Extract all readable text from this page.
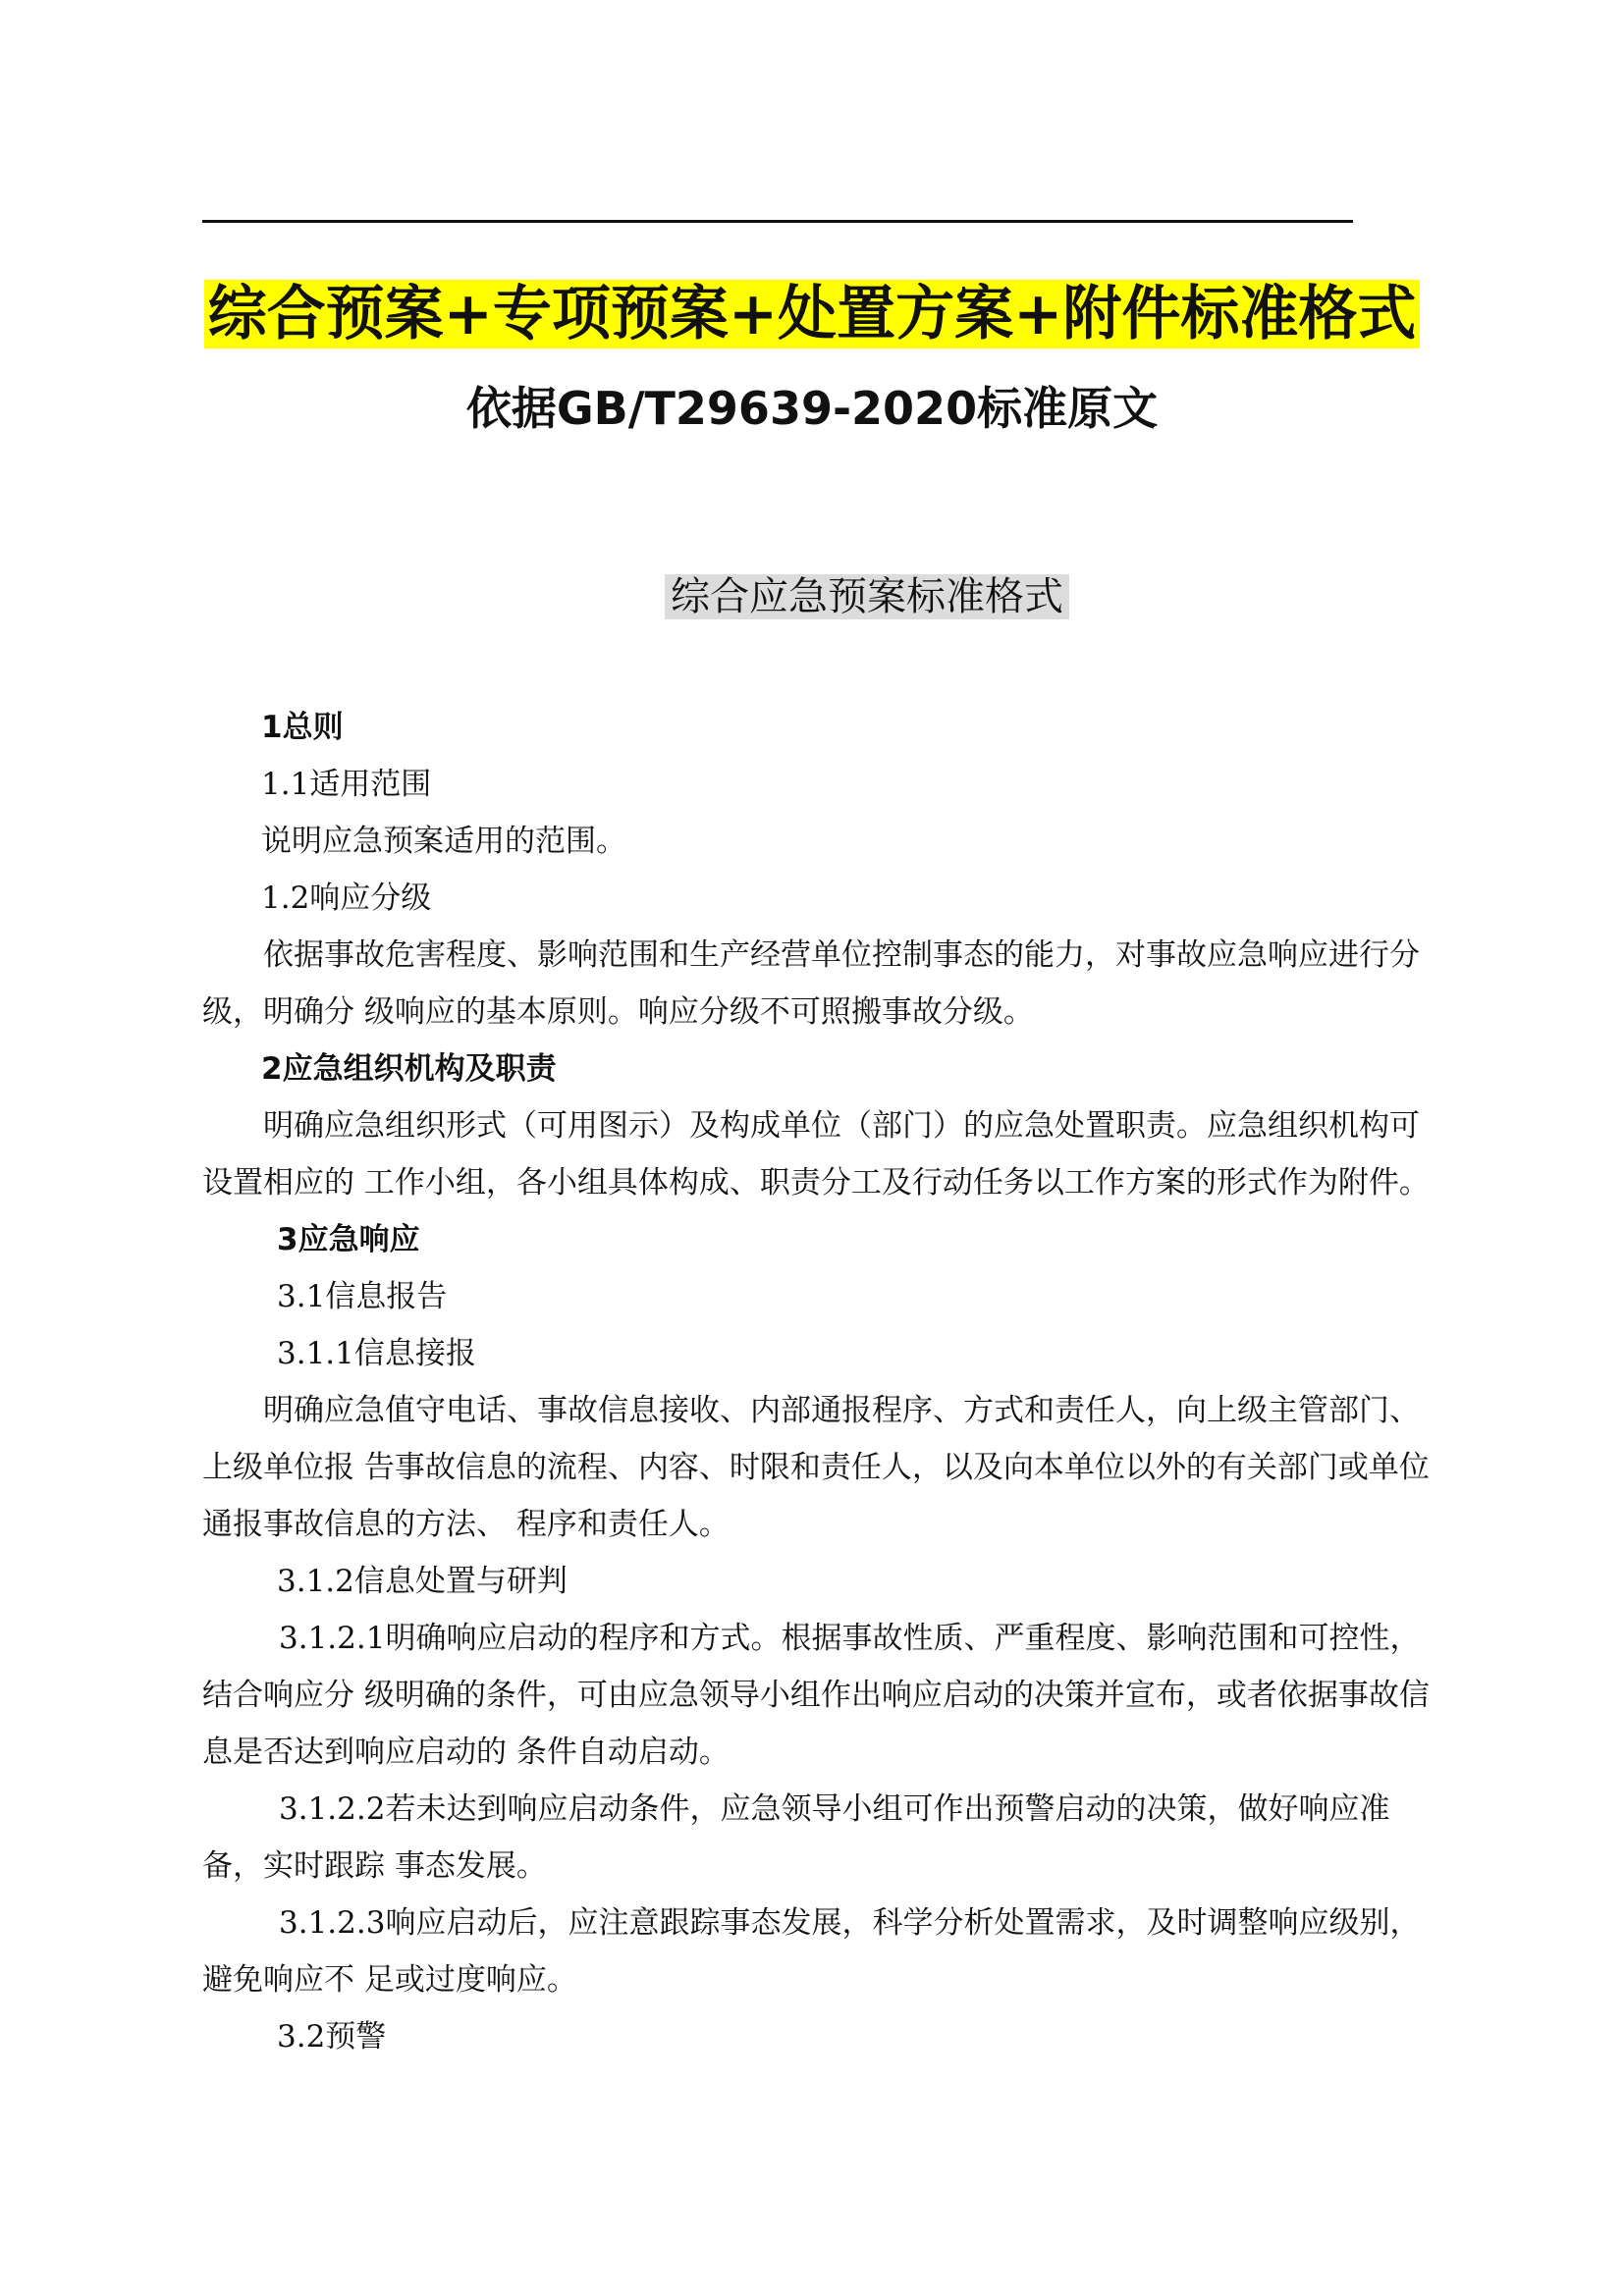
综合预案+专项预案+处置方案+附件标准格式
依据GB/T29639-2020标准原文
综合应急预案标准格式

1总则

1.1适用范围

说明应急预案适用的范围。

1.2响应分级

依据事故危害程度、影响范围和生产经营单位控制事态的能力，对事故应急响应进行分级，明确分 级响应的基本原则。响应分级不可照搬事故分级。

2应急组织机构及职责

明确应急组织形式（可用图示）及构成单位（部门）的应急处置职责。应急组织机构可设置相应的 工作小组，各小组具体构成、职责分工及行动任务以工作方案的形式作为附件。

3应急响应

3.1信息报告

3.1.1信息接报

明确应急值守电话、事故信息接收、内部通报程序、方式和责任人，向上级主管部门、上级单位报 告事故信息的流程、内容、时限和责任人，以及向本单位以外的有关部门或单位通报事故信息的方法、 程序和责任人。

3.1.2信息处置与研判

3.1.2.1明确响应启动的程序和方式。根据事故性质、严重程度、影响范围和可控性，结合响应分 级明确的条件，可由应急领导小组作出响应启动的决策并宣布，或者依据事故信息是否达到响应启动的 条件自动启动。

3.1.2.2若未达到响应启动条件，应急领导小组可作出预警启动的决策，做好响应准备，实时跟踪 事态发展。

3.1.2.3响应启动后，应注意跟踪事态发展，科学分析处置需求，及时调整响应级别，避免响应不 足或过度响应。

3.2预警
